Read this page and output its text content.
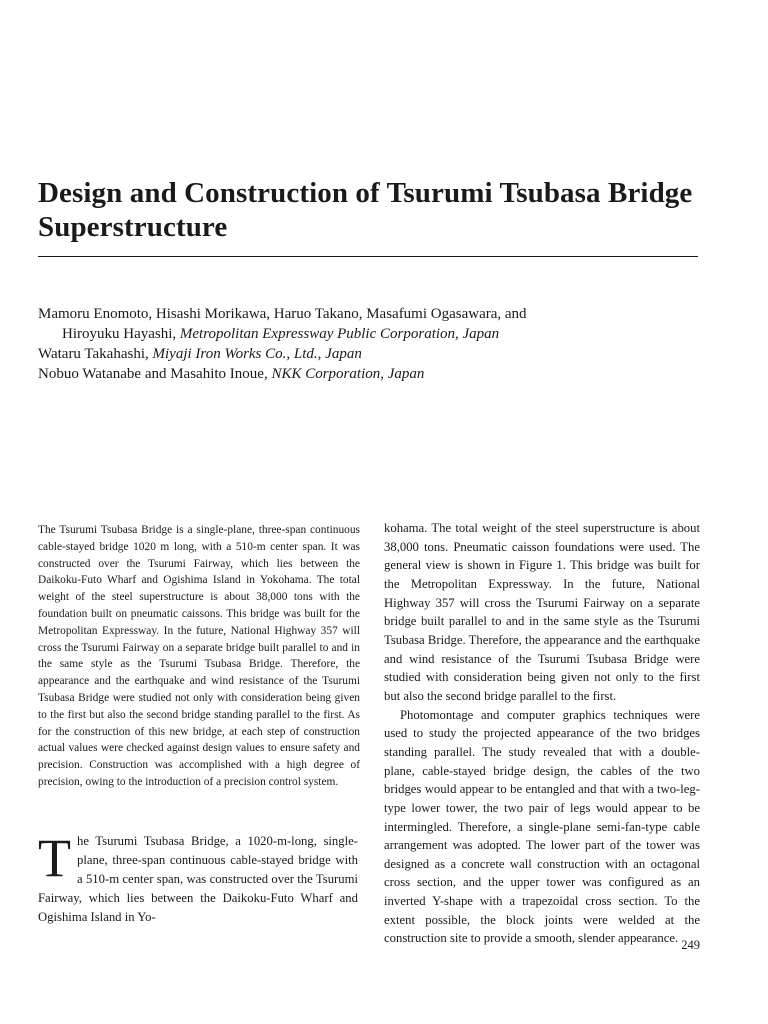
Design and Construction of Tsurumi Tsubasa Bridge Superstructure

Mamoru Enomoto, Hisashi Morikawa, Haruo Takano, Masafumi Ogasawara, and

Hiroyuku Hayashi, Metropolitan Expressway Public Corporation, Japan

Wataru Takahashi, Miyaji Iron Works Co., Ltd., Japan

Nobuo Watanabe and Masahito Inoue, NKK Corporation, Japan

The Tsurumi Tsubasa Bridge is a single-plane, three-span continuous cable-stayed bridge 1020 m long, with a 510-m center span. It was constructed over the Tsurumi Fairway, which lies between the Daikoku-Futo Wharf and Ogishima Island in Yokohama. The total weight of the steel superstructure is about 38,000 tons with the foundation built on pneumatic caissons. This bridge was built for the Metropolitan Expressway. In the future, National Highway 357 will cross the Tsurumi Fairway on a separate bridge built parallel to and in the same style as the Tsurumi Tsubasa Bridge. Therefore, the appearance and the earthquake and wind resistance of the Tsurumi Tsubasa Bridge were studied not only with consideration being given to the first but also the second bridge standing parallel to the first. As for the construction of this new bridge, at each step of construction actual values were checked against design values to ensure safety and precision. Construction was accomplished with a high degree of precision, owing to the introduction of a precision control system.

The Tsurumi Tsubasa Bridge, a 1020-m-long, single-plane, three-span continuous cable-stayed bridge with a 510-m center span, was constructed over the Tsurumi Fairway, which lies between the Daikoku-Futo Wharf and Ogishima Island in Yo-

kohama. The total weight of the steel superstructure is about 38,000 tons. Pneumatic caisson foundations were used. The general view is shown in Figure 1. This bridge was built for the Metropolitan Expressway. In the future, National Highway 357 will cross the Tsurumi Fairway on a separate bridge built parallel to and in the same style as the Tsurumi Tsubasa Bridge. Therefore, the appearance and the earthquake and wind resistance of the Tsurumi Tsubasa Bridge were studied with consideration being given not only to the first but also the second bridge parallel to the first.

Photomontage and computer graphics techniques were used to study the projected appearance of the two bridges standing parallel. The study revealed that with a double-plane, cable-stayed bridge design, the cables of the two bridges would appear to be entangled and that with a two-leg-type lower tower, the two pair of legs would appear to be intermingled. Therefore, a single-plane semi-fan-type cable arrangement was adopted. The lower part of the tower was designed as a concrete wall construction with an octagonal cross section, and the upper tower was configured as an inverted Y-shape with a trapezoidal cross section. To the extent possible, the block joints were welded at the construction site to provide a smooth, slender appearance. 249
